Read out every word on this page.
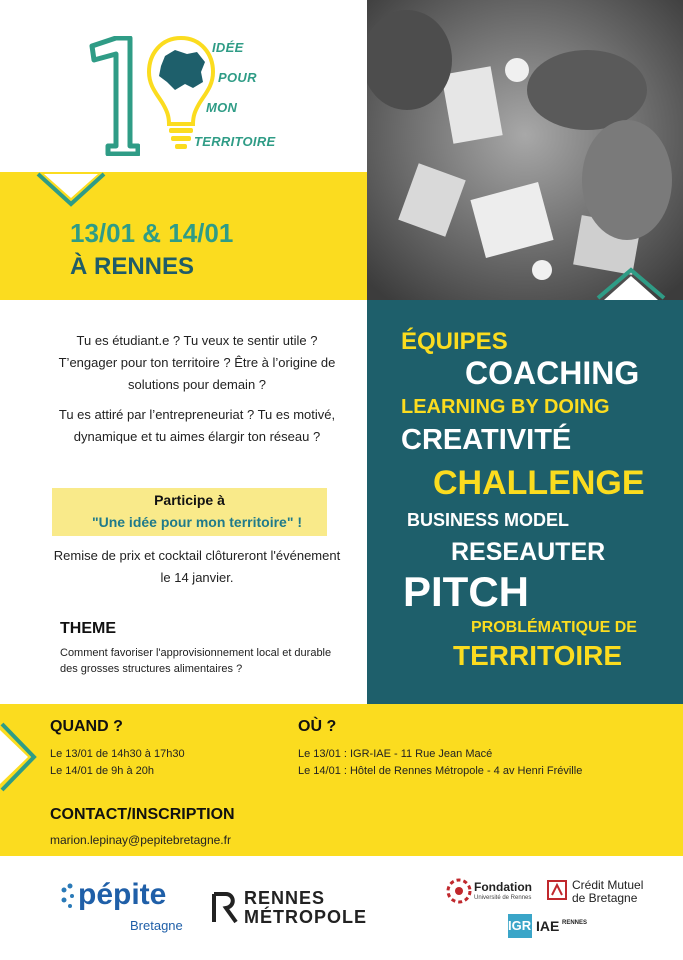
IDÉE
POUR
MON
TERRITOIRE
13/01 & 14/01
À RENNES
Tu es étudiant.e ? Tu veux te sentir utile ? T’engager pour ton territoire ? Être à l’origine de solutions pour demain ?
Tu es attiré par l’entrepreneuriat ? Tu es motivé, dynamique et tu aimes élargir ton réseau ?
Participe à
"Une idée pour mon territoire" !
Remise de prix et cocktail clôtureront l'événement le 14 janvier.
THEME
Comment favoriser l'approvisionnement local et durable des grosses structures alimentaires ?
ÉQUIPES
COACHING
LEARNING BY DOING
CREATIVITÉ
CHALLENGE
BUSINESS MODEL
RESEAUTER
PITCH
PROBLÉMATIQUE DE
TERRITOIRE
QUAND ?
Le 13/01 de 14h30 à 17h30
Le 14/01 de 9h à 20h
OÙ ?
Le 13/01 : IGR-IAE - 11 Rue Jean Macé
Le 14/01 : Hôtel de Rennes Métropole - 4 av Henri Fréville
CONTACT/INSCRIPTION
marion.lepinay@pepitebretagne.fr
pépite
Bretagne
RENNES
MÉTROPOLE
Fondation
Université de Rennes
Crédit Mutuel
de Bretagne
IGR IAE RENNES
